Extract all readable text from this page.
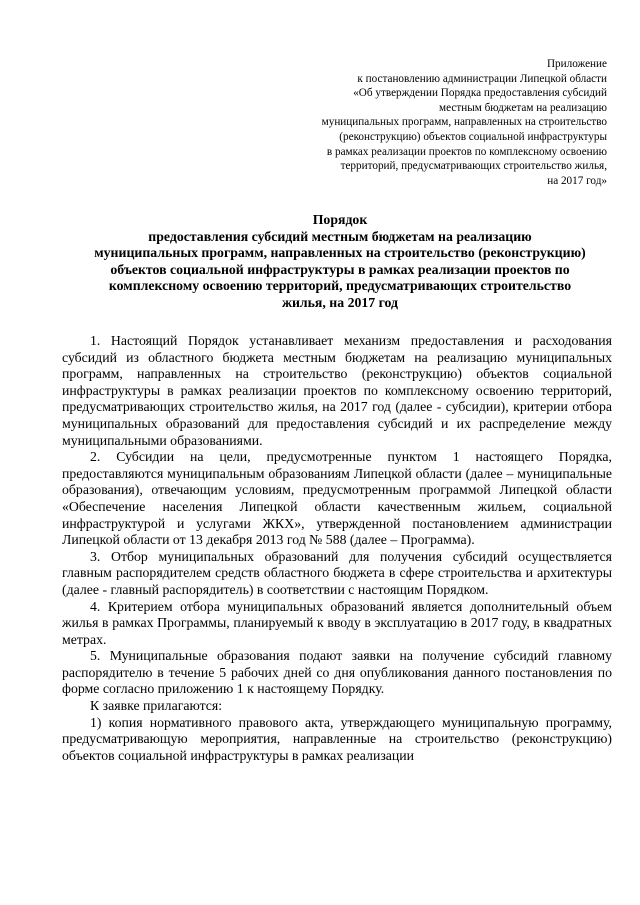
Приложение
к постановлению администрации Липецкой области
«Об утверждении Порядка предоставления субсидий
местным бюджетам на реализацию
муниципальных программ, направленных на строительство
(реконструкцию) объектов социальной инфраструктуры
в рамках реализации проектов по комплексному освоению
территорий, предусматривающих строительство жилья,
на 2017 год»
Порядок
предоставления субсидий местным бюджетам на реализацию
муниципальных программ, направленных на строительство (реконструкцию)
объектов социальной инфраструктуры в рамках реализации проектов по
комплексному освоению территорий, предусматривающих строительство
жилья, на 2017 год

1. Настоящий Порядок устанавливает механизм предоставления и расходования субсидий из областного бюджета местным бюджетам на реализацию муниципальных программ, направленных на строительство (реконструкцию) объектов социальной инфраструктуры в рамках реализации проектов по комплексному освоению территорий, предусматривающих строительство жилья, на 2017 год (далее - субсидии), критерии отбора муниципальных образований для предоставления субсидий и их распределение между муниципальными образованиями.

2. Субсидии на цели, предусмотренные пунктом 1 настоящего Порядка, предоставляются муниципальным образованиям Липецкой области (далее – муниципальные образования), отвечающим условиям, предусмотренным программой Липецкой области «Обеспечение населения Липецкой области качественным жильем, социальной инфраструктурой и услугами ЖКХ», утвержденной постановлением администрации Липецкой области от 13 декабря 2013 год № 588 (далее – Программа).

3. Отбор муниципальных образований для получения субсидий осуществляется главным распорядителем средств областного бюджета в сфере строительства и архитектуры (далее - главный распорядитель) в соответствии с настоящим Порядком.

4. Критерием отбора муниципальных образований является дополнительный объем жилья в рамках Программы, планируемый к вводу в эксплуатацию в 2017 году, в квадратных метрах.

5. Муниципальные образования подают заявки на получение субсидий главному распорядителю в течение 5 рабочих дней со дня опубликования данного постановления по форме согласно приложению 1 к настоящему Порядку.

К заявке прилагаются:

1) копия нормативного правового акта, утверждающего муниципальную программу, предусматривающую мероприятия, направленные на строительство (реконструкцию) объектов социальной инфраструктуры в рамках реализации
